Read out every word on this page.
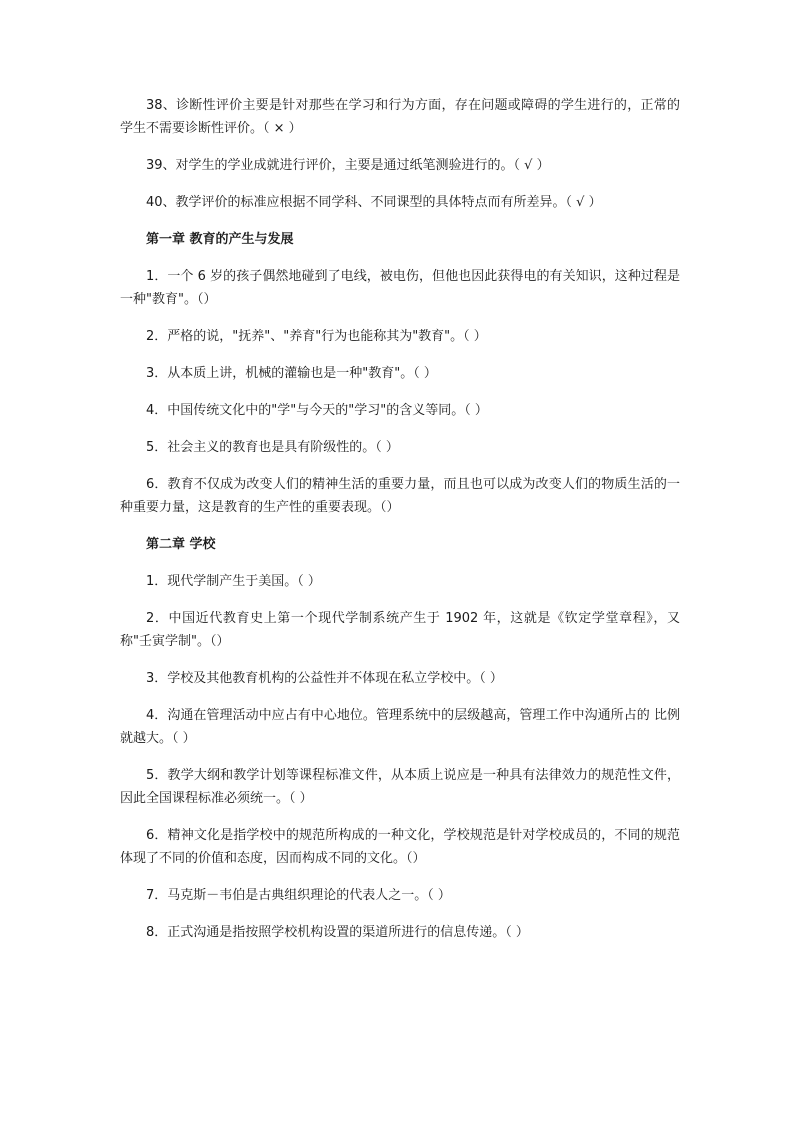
38、诊断性评价主要是针对那些在学习和行为方面，存在问题或障碍的学生进行的，正常的学生不需要诊断性评价。（ × ）

39、对学生的学业成就进行评价，主要是通过纸笔测验进行的。（ √ ）

40、教学评价的标准应根据不同学科、不同课型的具体特点而有所差异。（ √ ）

第一章 教育的产生与发展

1．一个 6 岁的孩子偶然地碰到了电线，被电伤，但他也因此获得电的有关知识，这种过程是一种"教育"。（）

2．严格的说，"抚养"、"养育"行为也能称其为"教育"。（ ）

3．从本质上讲，机械的灌输也是一种"教育"。（ ）

4．中国传统文化中的"学"与今天的"学习"的含义等同。（ ）

5．社会主义的教育也是具有阶级性的。（ ）

6．教育不仅成为改变人们的精神生活的重要力量，而且也可以成为改变人们的物质生活的一种重要力量，这是教育的生产性的重要表现。（）

第二章 学校

1．现代学制产生于美国。（ ）

2．中国近代教育史上第一个现代学制系统产生于 1902 年，这就是《钦定学堂章程》，又称"壬寅学制"。（）

3．学校及其他教育机构的公益性并不体现在私立学校中。（ ）

4．沟通在管理活动中应占有中心地位。管理系统中的层级越高，管理工作中沟通所占的 比例就越大。（ ）

5．教学大纲和教学计划等课程标准文件，从本质上说应是一种具有法律效力的规范性文件，因此全国课程标准必须统一。（ ）

6．精神文化是指学校中的规范所构成的一种文化，学校规范是针对学校成员的，不同的规范体现了不同的价值和态度，因而构成不同的文化。（）

7．马克斯－韦伯是古典组织理论的代表人之一。（ ）

8．正式沟通是指按照学校机构设置的渠道所进行的信息传递。（ ）
